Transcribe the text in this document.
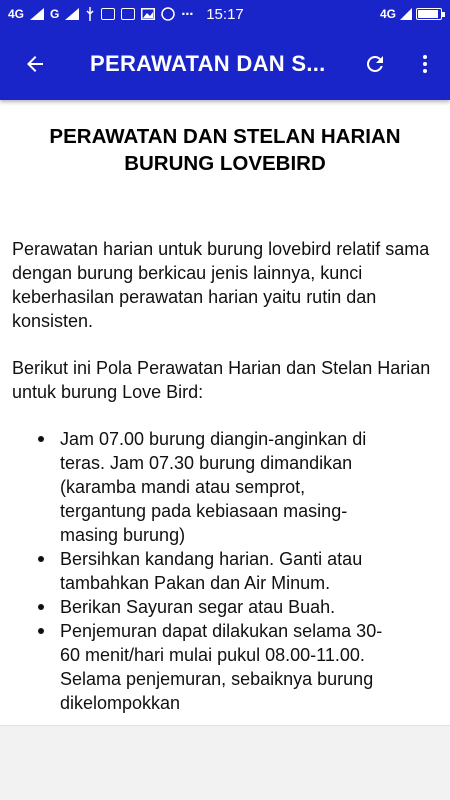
4G G	⋯ 15:17	4G
PERAWATAN DAN S...
PERAWATAN DAN STELAN HARIAN BURUNG LOVEBIRD

Perawatan harian untuk burung lovebird relatif sama dengan burung berkicau jenis lainnya, kunci keberhasilan perawatan harian yaitu rutin dan konsisten.

Berikut ini Pola Perawatan Harian dan Stelan Harian untuk burung Love Bird:

Jam 07.00 burung diangin-anginkan di teras. Jam 07.30 burung dimandikan (karamba mandi atau semprot, tergantung pada kebiasaan masing-masing burung)
Bersihkan kandang harian. Ganti atau tambahkan Pakan dan Air Minum.
Berikan Sayuran segar atau Buah.
Penjemuran dapat dilakukan selama 30-60 menit/hari mulai pukul 08.00-11.00. Selama penjemuran, sebaiknya burung dikelompokkan
